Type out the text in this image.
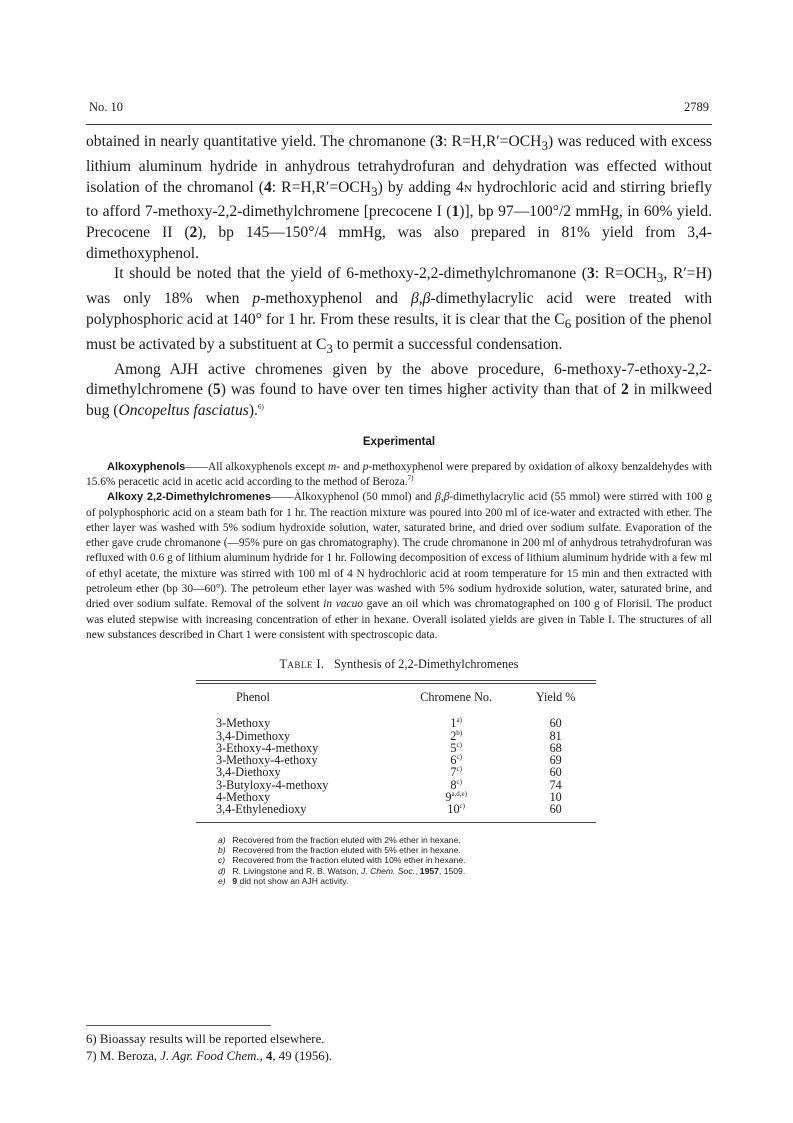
No. 10	2789

obtained in nearly quantitative yield. The chromanone (3: $R=H,R'=OCH_3$) was reduced with excess lithium aluminum hydride in anhydrous tetrahydrofuran and dehydration was effected without isolation of the chromanol (4: $R=H,R'=OCH_3$) by adding 4N hydrochloric acid and stirring briefly to afford 7-methoxy-2,2-dimethylchromene [precocene I (1)], bp 97—100°/2 mmHg, in 60% yield. Precocene II (2), bp 145—150°/4 mmHg, was also prepared in 81% yield from 3,4-dimethoxyphenol.

It should be noted that the yield of 6-methoxy-2,2-dimethylchromanone (3: $R=OCH_3$, R′=H) was only 18% when p-methoxyphenol and β,β-dimethylacrylic acid were treated with polyphosphoric acid at 140° for 1 hr. From these results, it is clear that the $C_6$ position of the phenol must be activated by a substituent at $C_3$ to permit a successful condensation.

Among AJH active chromenes given by the above procedure, 6-methoxy-7-ethoxy-2,2-dimethylchromene (5) was found to have over ten times higher activity than that of 2 in milkweed bug (Oncopeltus fasciatus).$^{6)}$

Experimental

Alkoxyphenols——All alkoxyphenols except m- and p-methoxyphenol were prepared by oxidation of alkoxy benzaldehydes with 15.6% peracetic acid in acetic acid according to the method of Beroza.$^{7)}$

Alkoxy 2,2-Dimethylchromenes——Alkoxyphenol (50 mmol) and β,β-dimethylacrylic acid (55 mmol) were stirred with 100 g of polyphosphoric acid on a steam bath for 1 hr. The reaction mixture was poured into 200 ml of ice-water and extracted with ether. The ether layer was washed with 5% sodium hydroxide solution, water, saturated brine, and dried over sodium sulfate. Evaporation of the ether gave crude chromanone (—95% pure on gas chromatography). The crude chromanone in 200 ml of anhydrous tetrahydrofuran was refluxed with 0.6 g of lithium aluminum hydride for 1 hr. Following decomposition of excess of lithium aluminum hydride with a few ml of ethyl acetate, the mixture was stirred with 100 ml of 4 N hydrochloric acid at room temperature for 15 min and then extracted with petroleum ether (bp 30—60°). The petroleum ether layer was washed with 5% sodium hydroxide solution, water, saturated brine, and dried over sodium sulfate. Removal of the solvent in vacuo gave an oil which was chromatographed on 100 g of Florisil. The product was eluted stepwise with increasing concentration of ether in hexane. Overall isolated yields are given in Table I. The structures of all new substances described in Chart 1 were consistent with spectroscopic data.

Table I. Synthesis of 2,2-Dimethylchromenes
Phenol	Chromene No.	Yield %
3-Methoxy	1$^{a)}$	60
3,4-Dimethoxy	2$^{b)}$	81
3-Ethoxy-4-methoxy	5$^{c)}$	68
3-Methoxy-4-ethoxy	6$^{c)}$	69
3,4-Diethoxy	7$^{c)}$	60
3-Butyloxy-4-methoxy	8$^{c)}$	74
4-Methoxy	9$^{a,d,e)}$	10
3,4-Ethylenedioxy	10$^{c)}$	60
a) Recovered from the fraction eluted with 2% ether in hexane.
b) Recovered from the fraction eluted with 5% ether in hexane.
c) Recovered from the fraction eluted with 10% ether in hexane.
d) R. Livingstone and R. B. Watson, J. Chem. Soc., 1957, 1509.
e) 9 did not show an AJH activity.

6) Bioassay results will be reported elsewhere.

7) M. Beroza, J. Agr. Food Chem., 4, 49 (1956).
